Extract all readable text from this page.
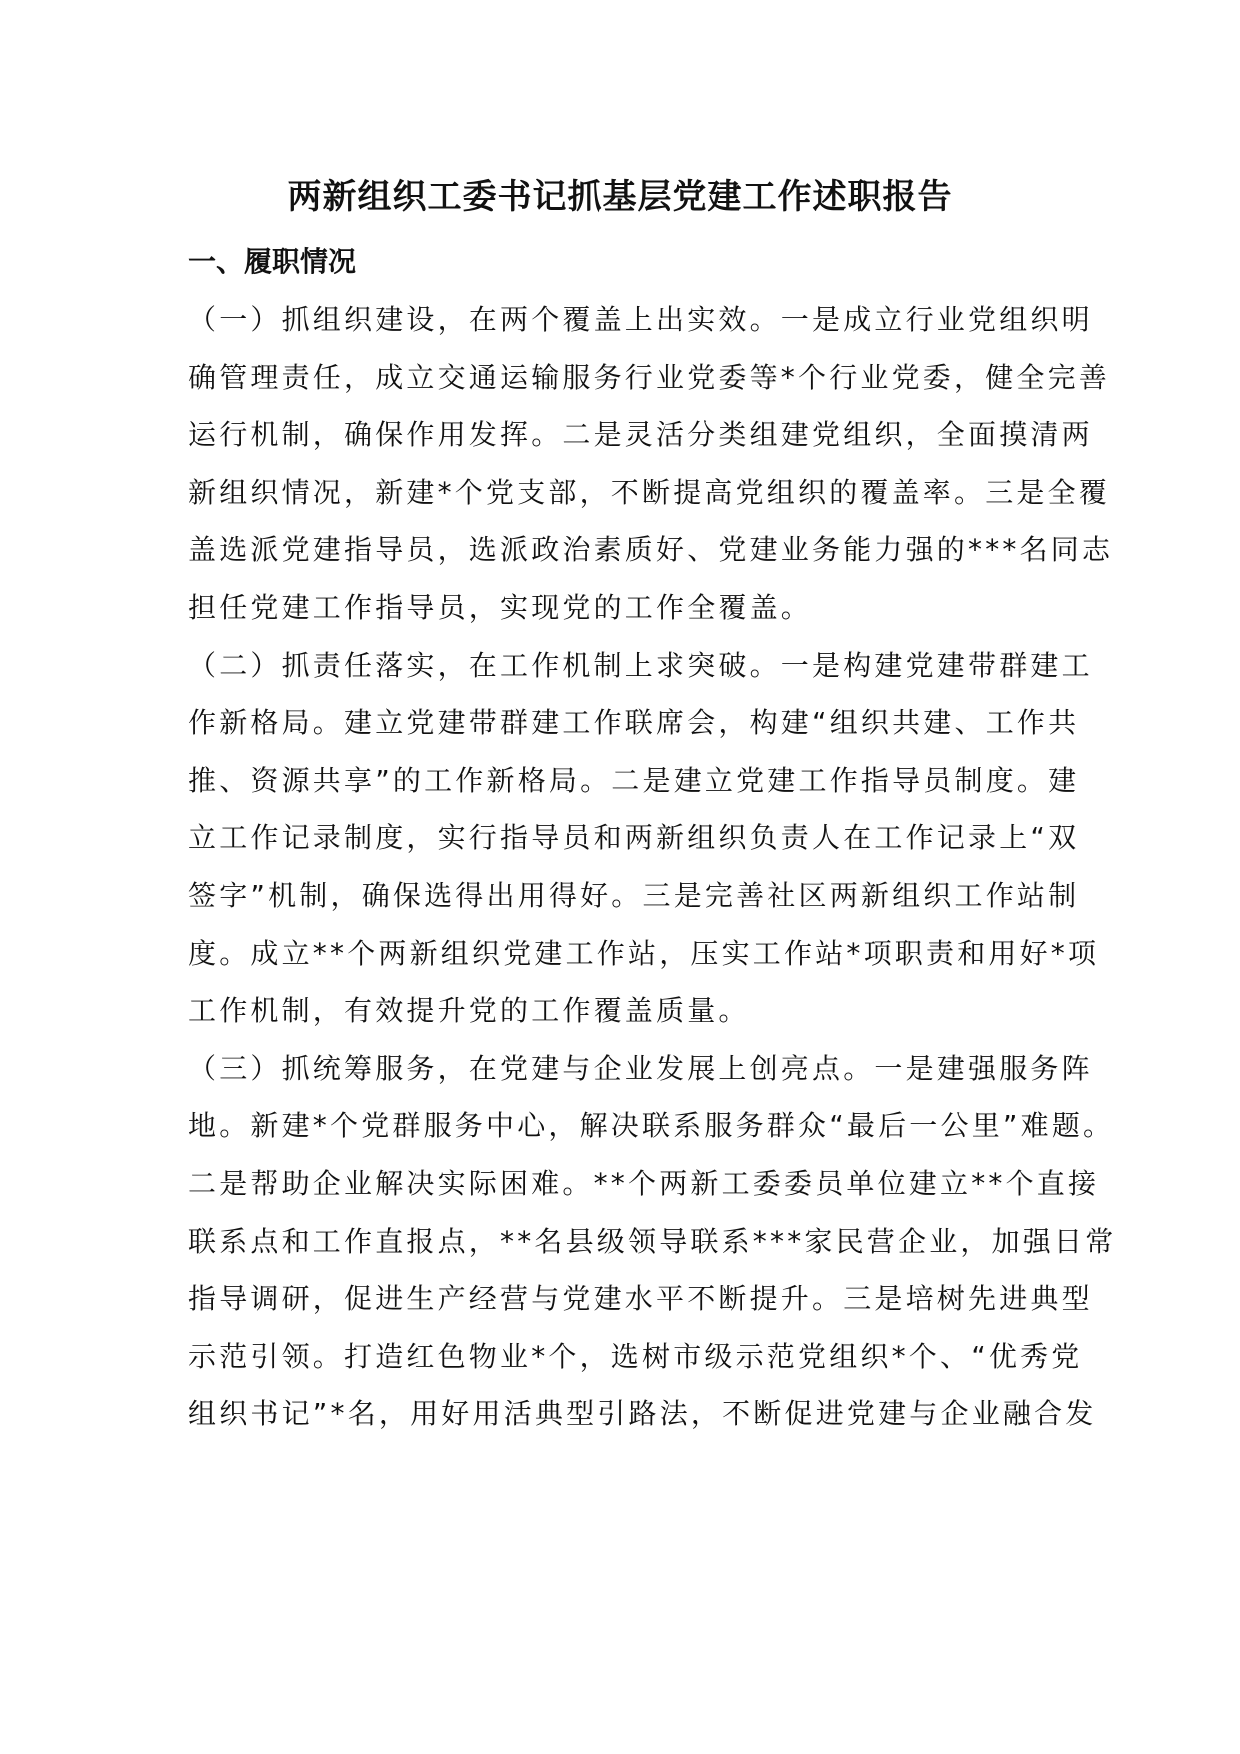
两新组织工委书记抓基层党建工作述职报告
一、履职情况
（一）抓组织建设，在两个覆盖上出实效。一是成立行业党组织明
确管理责任，成立交通运输服务行业党委等*个行业党委，健全完善
运行机制，确保作用发挥。二是灵活分类组建党组织，全面摸清两
新组织情况，新建*个党支部，不断提高党组织的覆盖率。三是全覆
盖选派党建指导员，选派政治素质好、党建业务能力强的***名同志
担任党建工作指导员，实现党的工作全覆盖。
（二）抓责任落实，在工作机制上求突破。一是构建党建带群建工
作新格局。建立党建带群建工作联席会，构建“组织共建、工作共
推、资源共享”的工作新格局。二是建立党建工作指导员制度。建
立工作记录制度，实行指导员和两新组织负责人在工作记录上“双
签字”机制，确保选得出用得好。三是完善社区两新组织工作站制
度。成立**个两新组织党建工作站，压实工作站*项职责和用好*项
工作机制，有效提升党的工作覆盖质量。
（三）抓统筹服务，在党建与企业发展上创亮点。一是建强服务阵
地。新建*个党群服务中心，解决联系服务群众“最后一公里”难题。
二是帮助企业解决实际困难。**个两新工委委员单位建立**个直接
联系点和工作直报点，**名县级领导联系***家民营企业，加强日常
指导调研，促进生产经营与党建水平不断提升。三是培树先进典型
示范引领。打造红色物业*个，选树市级示范党组织*个、“优秀党
组织书记”*名，用好用活典型引路法，不断促进党建与企业融合发
